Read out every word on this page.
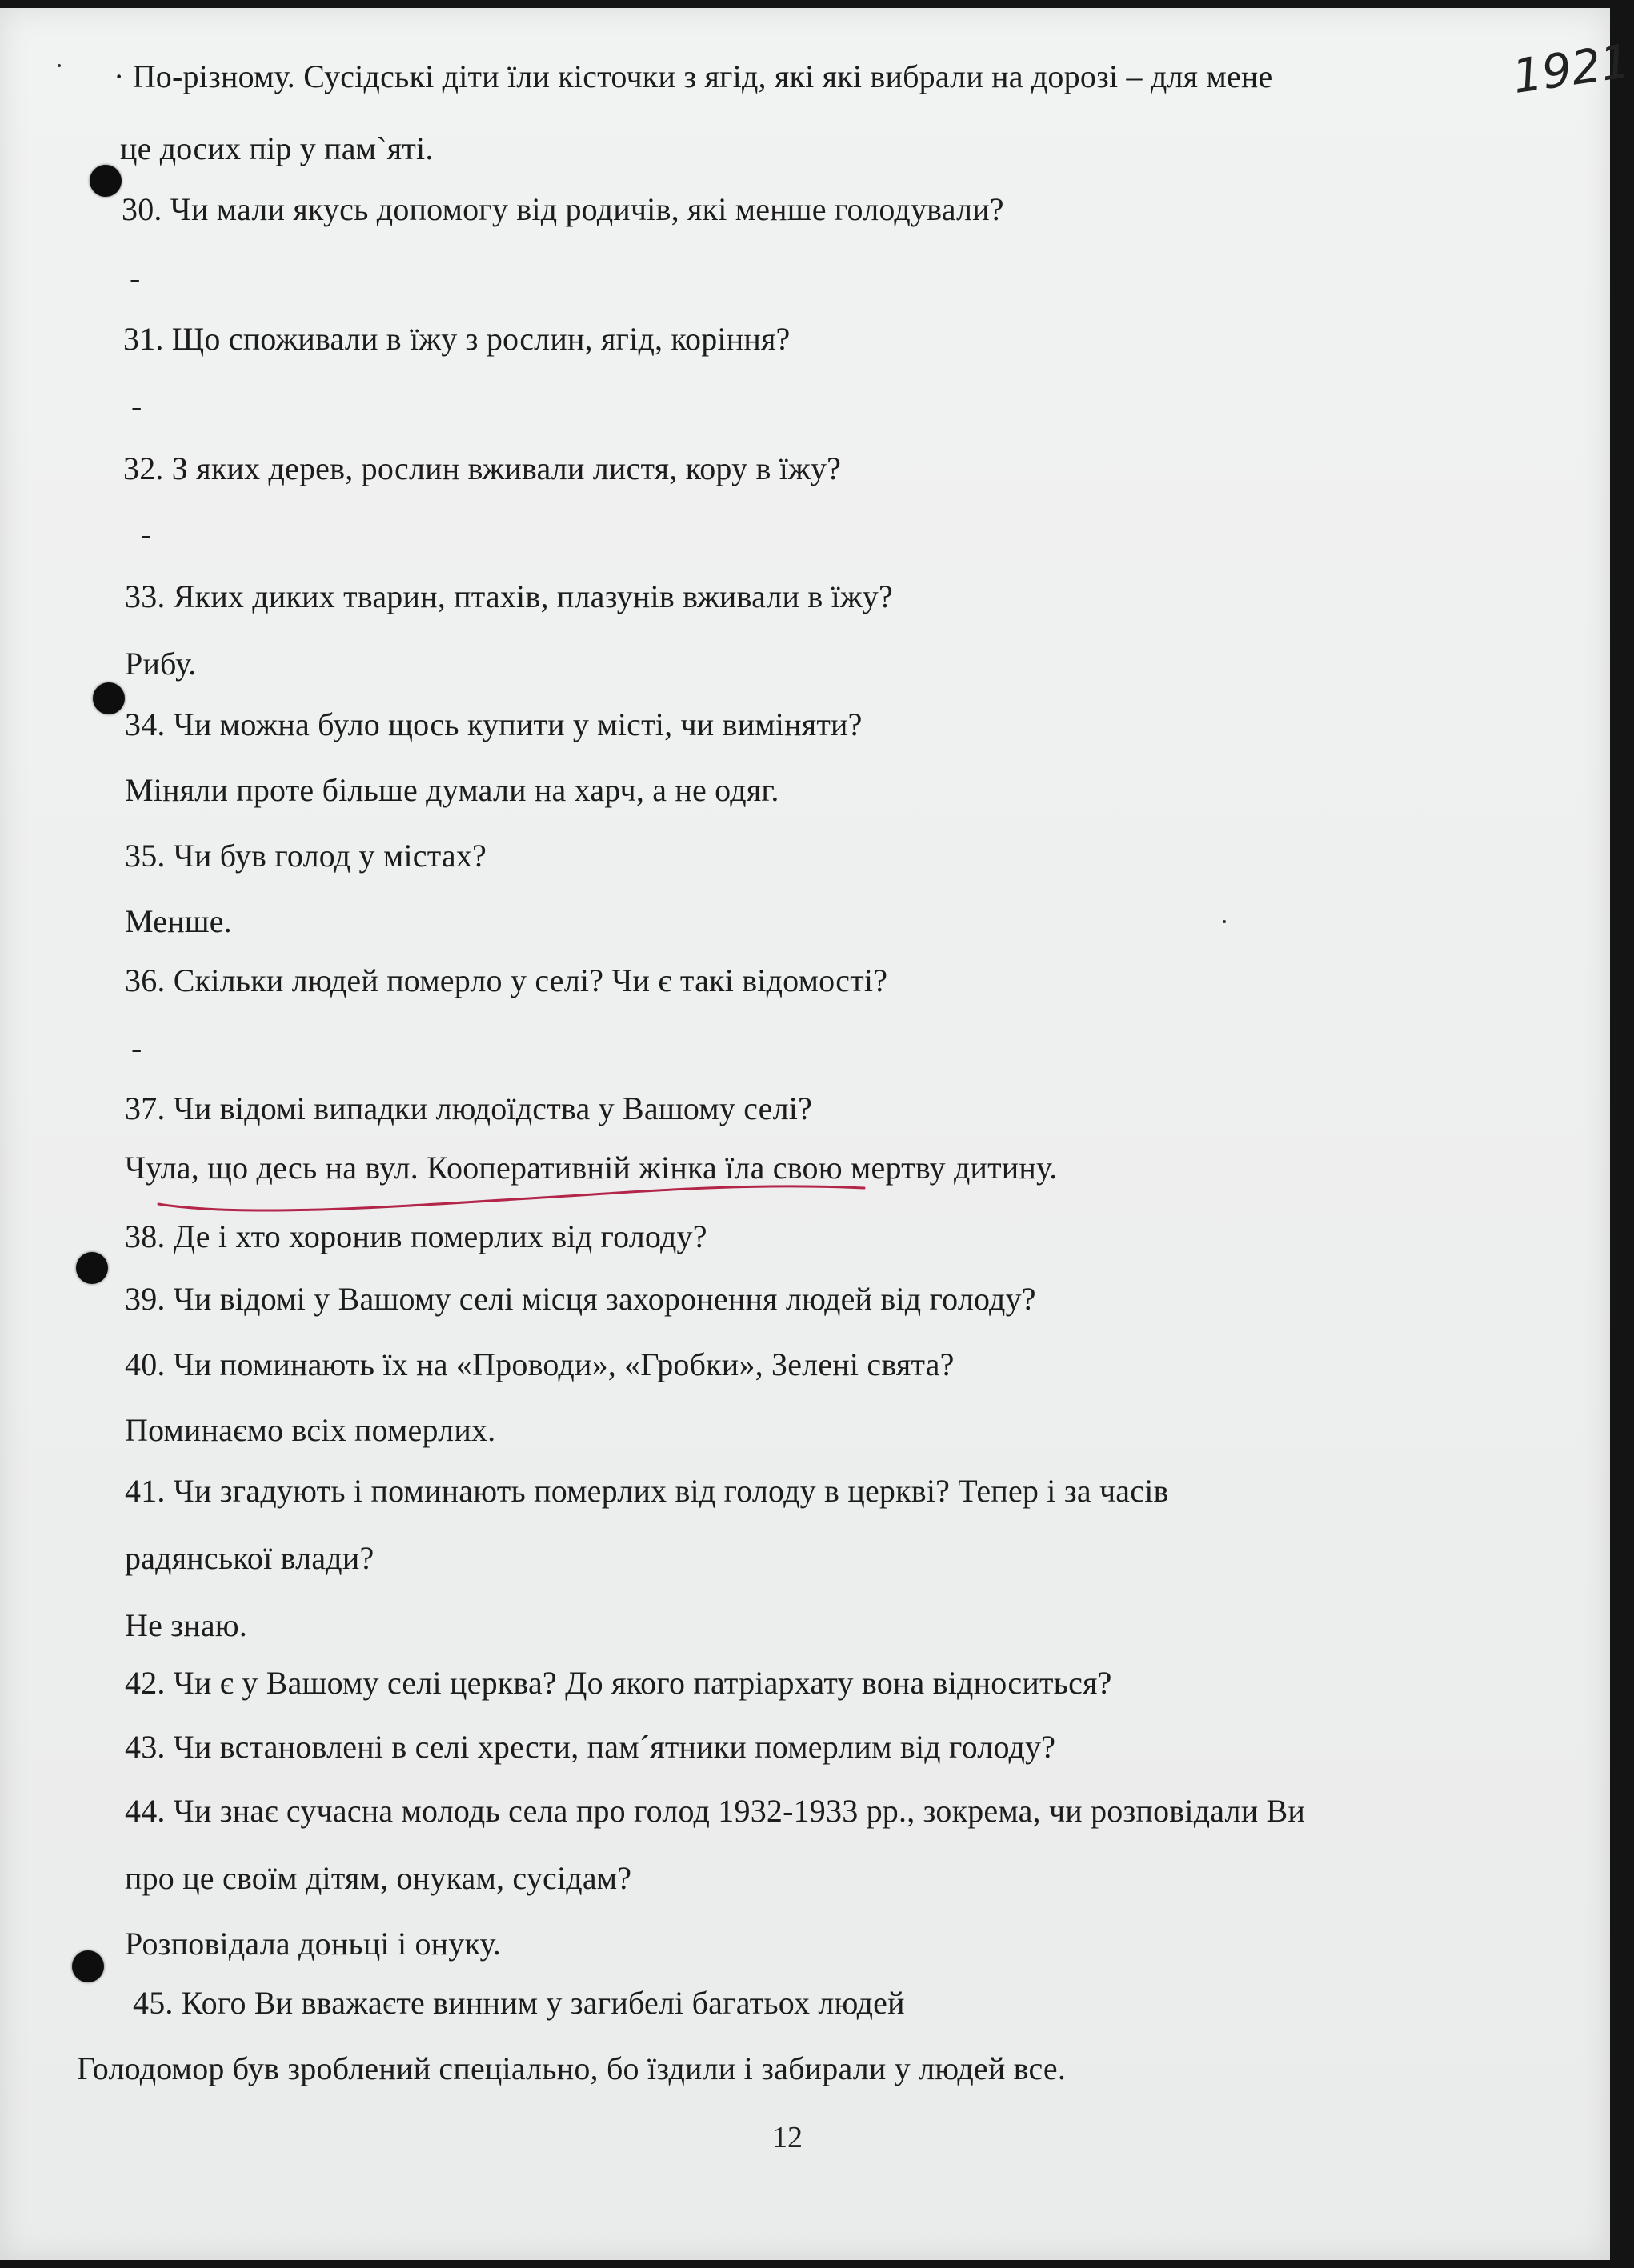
1921
· По-різному. Сусідські діти їли кісточки з ягід, які які вибрали на дорозі – для мене
це досих пір у пам`яті.
30. Чи мали якусь допомогу від родичів, які менше голодували?
-
31. Що споживали в їжу з рослин, ягід, коріння?
-
32. З яких дерев, рослин вживали листя, кору в їжу?
-
33. Яких диких тварин, птахів, плазунів вживали в їжу?
Рибу.
34. Чи можна було щось купити у місті, чи виміняти?
Міняли проте більше думали на харч, а не одяг.
35. Чи був голод у містах?
Менше.
36. Скільки людей померло у селі? Чи є такі відомості?
-
37. Чи відомі випадки людоїдства у Вашому селі?
Чула, що десь на вул. Кооперативній жінка їла свою мертву дитину.
38. Де і хто хоронив померлих від голоду?
39. Чи відомі у Вашому селі місця захоронення людей від голоду?
40. Чи поминають їх на «Проводи», «Гробки», Зелені свята?
Поминаємо всіх померлих.
41. Чи згадують і поминають померлих від голоду в церкві? Тепер і за часів
радянської влади?
Не знаю.
42. Чи є у Вашому селі церква? До якого патріархату вона відноситься?
43. Чи встановлені в селі хрести, пам´ятники померлим від голоду?
44. Чи знає сучасна молодь села про голод 1932-1933 рр., зокрема, чи розповідали Ви
про це своїм дітям, онукам, сусідам?
Розповідала доньці і онуку.
45. Кого Ви вважаєте винним у загибелі багатьох людей
Голодомор був зроблений спеціально, бо їздили і забирали у людей все.
12
